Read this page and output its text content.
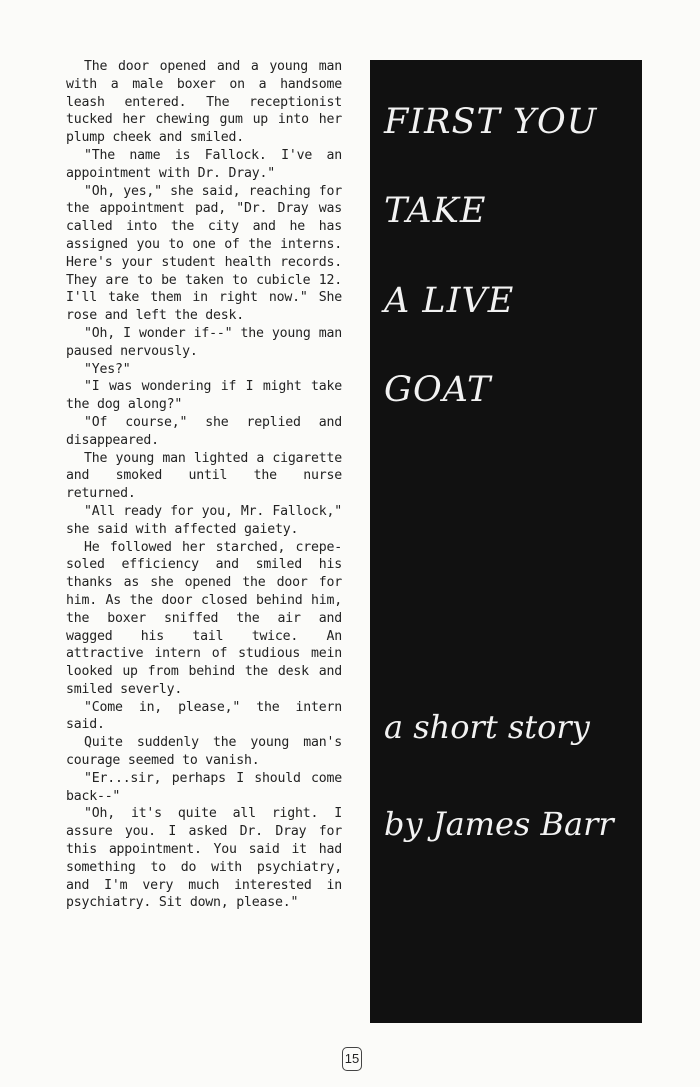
The door opened and a young man with a male boxer on a handsome leash entered. The receptionist tucked her chewing gum up into her plump cheek and smiled.

"The name is Fallock. I've an appointment with Dr. Dray."

"Oh, yes," she said, reaching for the appointment pad, "Dr. Dray was called into the city and he has assigned you to one of the interns. Here's your student health records. They are to be taken to cubicle 12. I'll take them in right now." She rose and left the desk.

"Oh, I wonder if--" the young man paused nervously.

"Yes?"

"I was wondering if I might take the dog along?"

"Of course," she replied and disappeared.

The young man lighted a cigarette and smoked until the nurse returned.

"All ready for you, Mr. Fallock," she said with affected gaiety.

He followed her starched, crepe-soled efficiency and smiled his thanks as she opened the door for him. As the door closed behind him, the boxer sniffed the air and wagged his tail twice. An attractive intern of studious mein looked up from behind the desk and smiled severly.

"Come in, please," the intern said.

Quite suddenly the young man's courage seemed to vanish.

"Er...sir, perhaps I should come back--"

"Oh, it's quite all right. I assure you. I asked Dr. Dray for this appointment. You said it had something to do with psychiatry, and I'm very much interested in psychiatry. Sit down, please."

FIRST YOU
TAKE
A LIVE
GOAT
a short story
by James Barr
15
